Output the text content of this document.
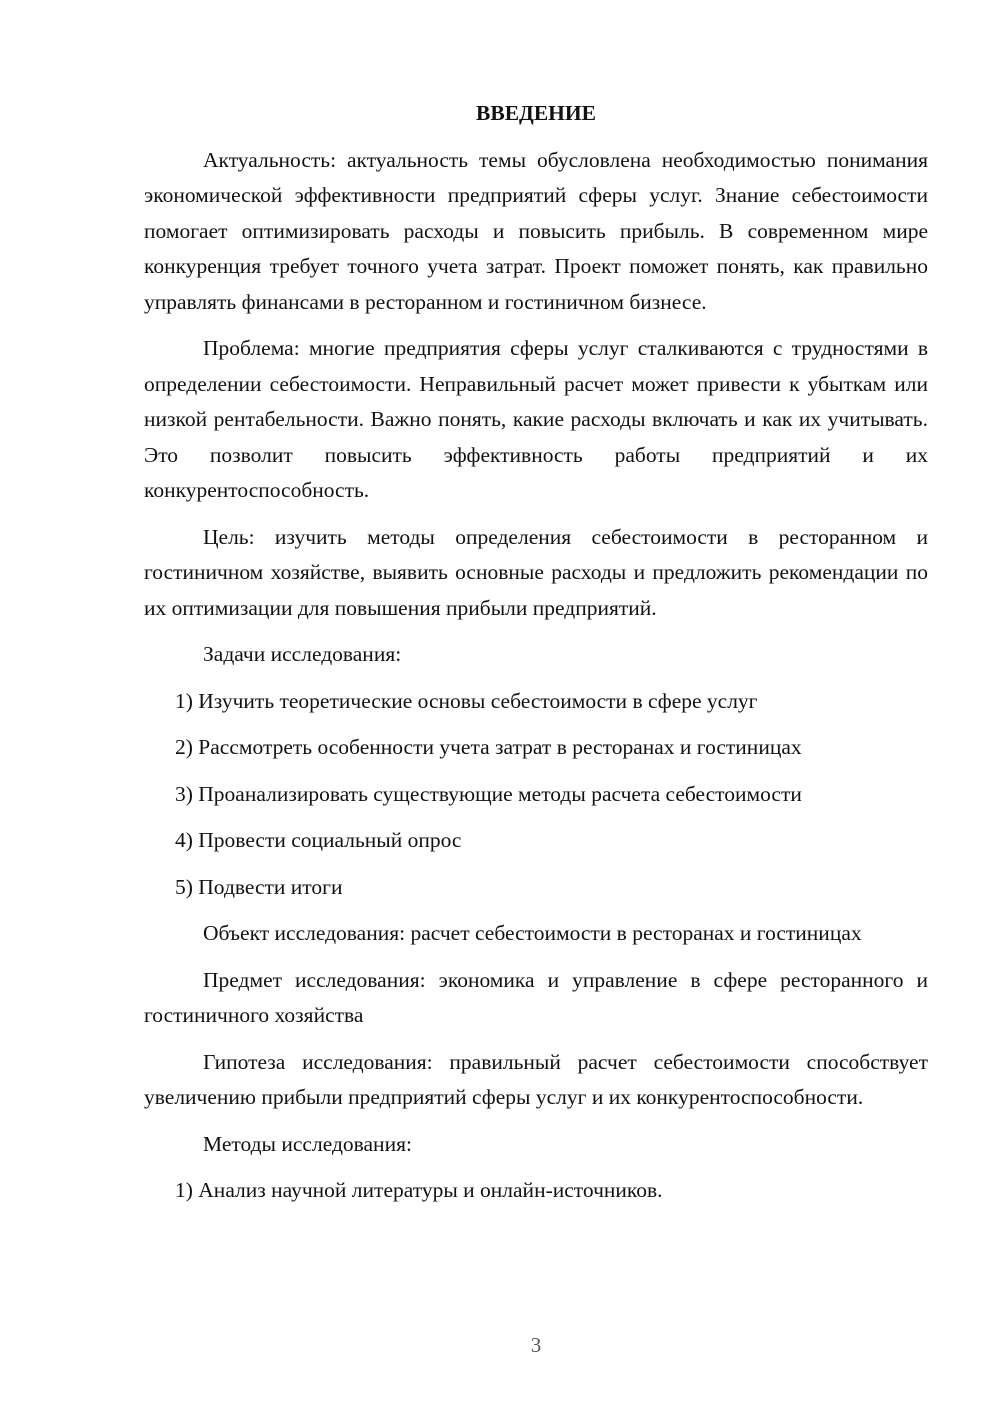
ВВЕДЕНИЕ
Актуальность: актуальность темы обусловлена необходимостью понимания экономической эффективности предприятий сферы услуг. Знание себестоимости помогает оптимизировать расходы и повысить прибыль. В современном мире конкуренция требует точного учета затрат. Проект поможет понять, как правильно управлять финансами в ресторанном и гостиничном бизнесе.
Проблема: многие предприятия сферы услуг сталкиваются с трудностями в определении себестоимости. Неправильный расчет может привести к убыткам или низкой рентабельности. Важно понять, какие расходы включать и как их учитывать. Это позволит повысить эффективность работы предприятий и их конкурентоспособность.
Цель: изучить методы определения себестоимости в ресторанном и гостиничном хозяйстве, выявить основные расходы и предложить рекомендации по их оптимизации для повышения прибыли предприятий.
Задачи исследования:
1) Изучить теоретические основы себестоимости в сфере услуг
2) Рассмотреть особенности учета затрат в ресторанах и гостиницах
3) Проанализировать существующие методы расчета себестоимости
4) Провести социальный опрос
5) Подвести итоги
Объект исследования: расчет себестоимости в ресторанах и гостиницах
Предмет исследования: экономика и управление в сфере ресторанного и гостиничного хозяйства
Гипотеза исследования: правильный расчет себестоимости способствует увеличению прибыли предприятий сферы услуг и их конкурентоспособности.
Методы исследования:
1) Анализ научной литературы и онлайн-источников.
3
